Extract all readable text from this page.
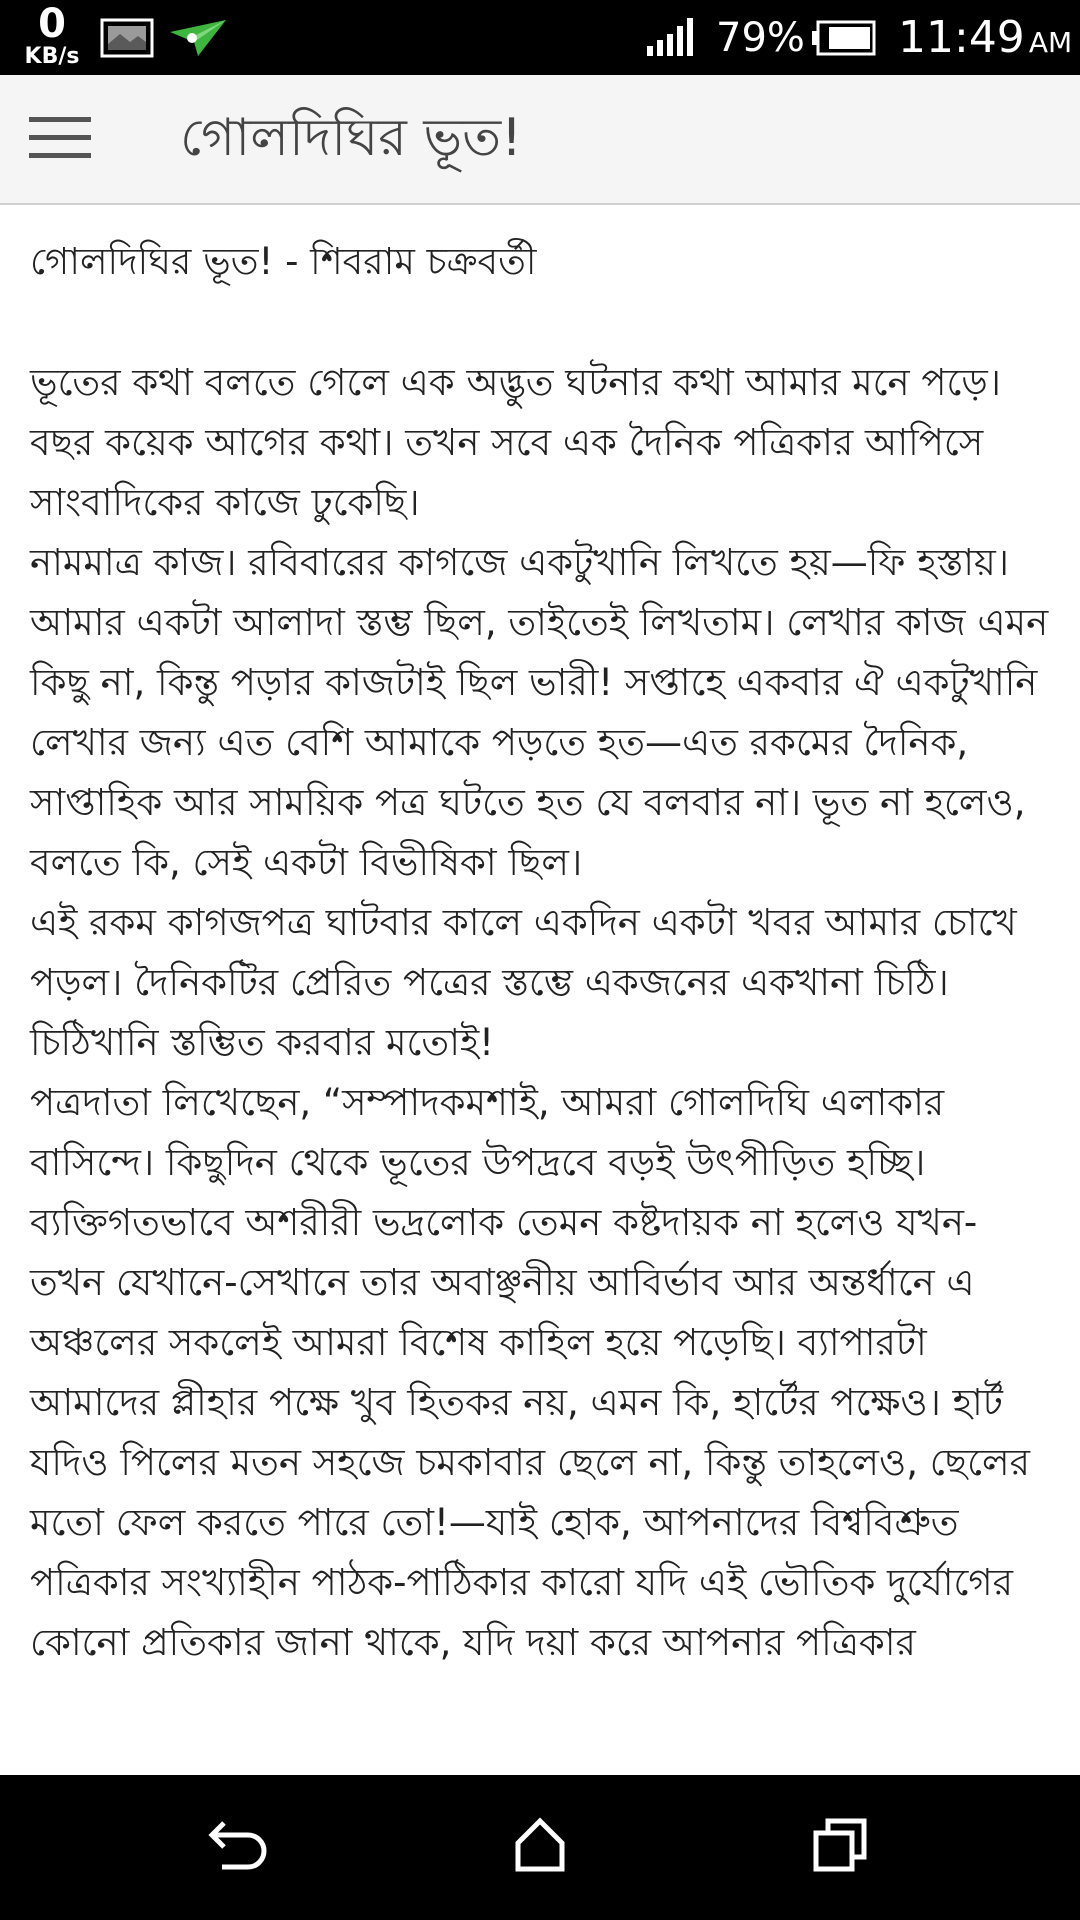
0
KB/s	79% 11:49 AM
গোলদিঘির ভূত!
গোলদিঘির ভূত! - শিবরাম চক্রবর্তী

ভূতের কথা বলতে গেলে এক অদ্ভুত ঘটনার কথা আমার মনে পড়ে। বছর কয়েক আগের কথা। তখন সবে এক দৈনিক পত্রিকার আপিসে সাংবাদিকের কাজে ঢুকেছি।

নামমাত্র কাজ। রবিবারের কাগজে একটুখানি লিখতে হয়—ফি হস্তায়। আমার একটা আলাদা স্তম্ভ ছিল, তাইতেই লিখতাম। লেখার কাজ এমন কিছু না, কিন্তু পড়ার কাজটাই ছিল ভারী! সপ্তাহে একবার ঐ একটুখানি লেখার জন্য এত বেশি আমাকে পড়তে হত—এত রকমের দৈনিক, সাপ্তাহিক আর সাময়িক পত্র ঘটতে হত যে বলবার না। ভূত না হলেও, বলতে কি, সেই একটা বিভীষিকা ছিল।

এই রকম কাগজপত্র ঘাটবার কালে একদিন একটা খবর আমার চোখে পড়ল। দৈনিকটির প্রেরিত পত্রের স্তম্ভে একজনের একখানা চিঠি। চিঠিখানি স্তম্ভিত করবার মতোই!

পত্রদাতা লিখেছেন, “সম্পাদকমশাই, আমরা গোলদিঘি এলাকার বাসিন্দে। কিছুদিন থেকে ভূতের উপদ্রবে বড়ই উৎপীড়িত হচ্ছি। ব্যক্তিগতভাবে অশরীরী ভদ্রলোক তেমন কষ্টদায়ক না হলেও যখন-তখন যেখানে-সেখানে তার অবাঞ্ছনীয় আবির্ভাব আর অন্তর্ধানে এ অঞ্চলের সকলেই আমরা বিশেষ কাহিল হয়ে পড়েছি। ব্যাপারটা আমাদের প্লীহার পক্ষে খুব হিতকর নয়, এমন কি, হার্টের পক্ষেও। হার্ট যদিও পিলের মতন সহজে চমকাবার ছেলে না, কিন্তু তাহলেও, ছেলের মতো ফেল করতে পারে তো!—যাই হোক, আপনাদের বিশ্ববিশ্রুত পত্রিকার সংখ্যাহীন পাঠক-পাঠিকার কারো যদি এই ভৌতিক দুর্যোগের কোনো প্রতিকার জানা থাকে, যদি দয়া করে আপনার পত্রিকার
